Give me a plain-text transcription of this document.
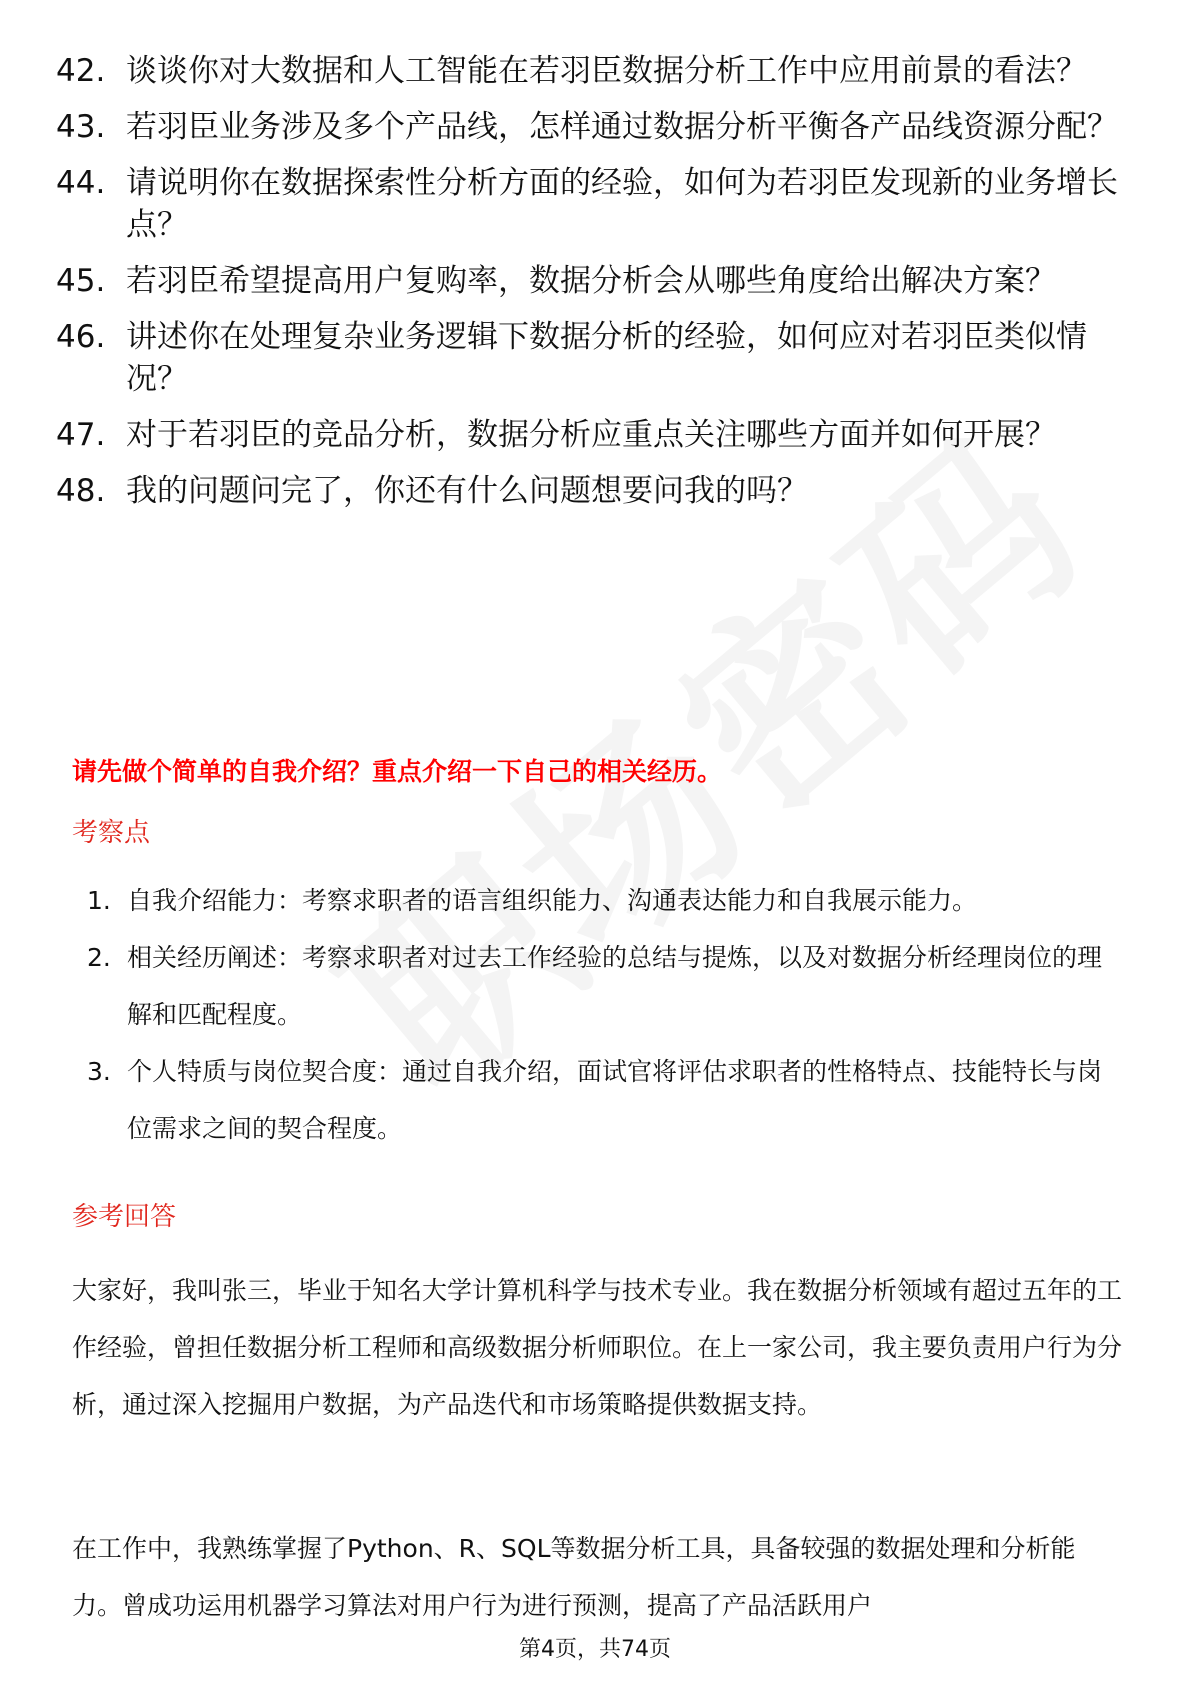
42. 谈谈你对大数据和人工智能在若羽臣数据分析工作中应用前景的看法？
43. 若羽臣业务涉及多个产品线，怎样通过数据分析平衡各产品线资源分配？
44. 请说明你在数据探索性分析方面的经验，如何为若羽臣发现新的业务增长点？
45. 若羽臣希望提高用户复购率，数据分析会从哪些角度给出解决方案？
46. 讲述你在处理复杂业务逻辑下数据分析的经验，如何应对若羽臣类似情况？
47. 对于若羽臣的竞品分析，数据分析应重点关注哪些方面并如何开展？
48. 我的问题问完了，你还有什么问题想要问我的吗？
请先做个简单的自我介绍？重点介绍一下自己的相关经历。
考察点
1. 自我介绍能力：考察求职者的语言组织能力、沟通表达能力和自我展示能力。
2. 相关经历阐述：考察求职者对过去工作经验的总结与提炼，以及对数据分析经理岗位的理解和匹配程度。
3. 个人特质与岗位契合度：通过自我介绍，面试官将评估求职者的性格特点、技能特长与岗位需求之间的契合程度。
参考回答
大家好，我叫张三，毕业于知名大学计算机科学与技术专业。我在数据分析领域有超过五年的工作经验，曾担任数据分析工程师和高级数据分析师职位。在上一家公司，我主要负责用户行为分析，通过深入挖掘用户数据，为产品迭代和市场策略提供数据支持。
在工作中，我熟练掌握了Python、R、SQL等数据分析工具，具备较强的数据处理和分析能力。曾成功运用机器学习算法对用户行为进行预测，提高了产品活跃用户
第4页，共74页
